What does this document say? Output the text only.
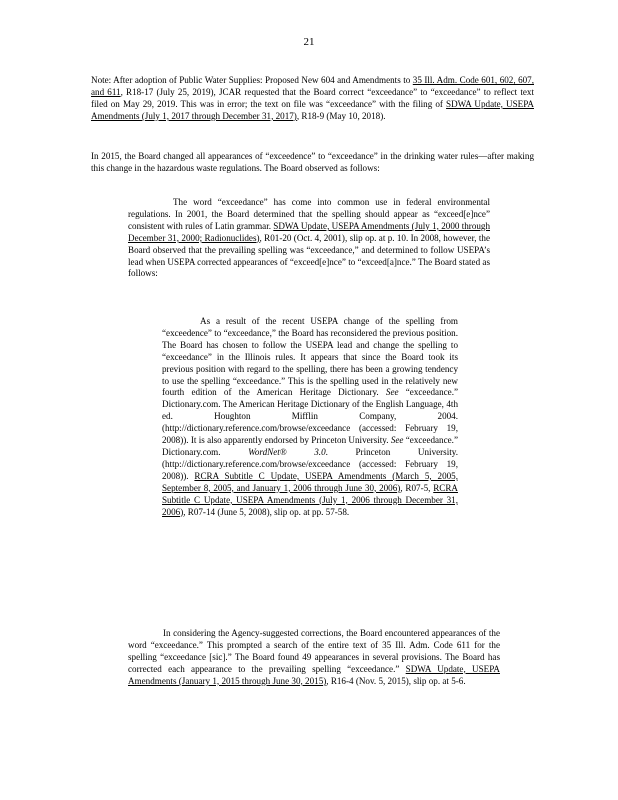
21
Note: After adoption of Public Water Supplies: Proposed New 604 and Amendments to 35 Ill. Adm. Code 601, 602, 607, and 611, R18-17 (July 25, 2019), JCAR requested that the Board correct “exceedance” to “exceedance” to reflect text filed on May 29, 2019. This was in error; the text on file was “exceedance” with the filing of SDWA Update, USEPA Amendments (July 1, 2017 through December 31, 2017), R18-9 (May 10, 2018).
In 2015, the Board changed all appearances of “exceedence” to “exceedance” in the drinking water rules—after making this change in the hazardous waste regulations. The Board observed as follows:

The word “exceedance” has come into common use in federal environmental regulations. In 2001, the Board determined that the spelling should appear as “exceed[e]nce” consistent with rules of Latin grammar. SDWA Update, USEPA Amendments (July 1, 2000 through December 31, 2000; Radionuclides), R01-20 (Oct. 4, 2001), slip op. at p. 10. In 2008, however, the Board observed that the prevailing spelling was “exceedance,” and determined to follow USEPA’s lead when USEPA corrected appearances of “exceed[e]nce” to “exceed[a]nce.” The Board stated as follows:

As a result of the recent USEPA change of the spelling from “exceedence” to “exceedance,” the Board has reconsidered the previous position. The Board has chosen to follow the USEPA lead and change the spelling to “exceedance” in the Illinois rules. It appears that since the Board took its previous position with regard to the spelling, there has been a growing tendency to use the spelling “exceedance.” This is the spelling used in the relatively new fourth edition of the American Heritage Dictionary. See “exceedance.” Dictionary.com. The American Heritage Dictionary of the English Language, 4th ed. Houghton Mifflin Company, 2004. (http://dictionary.reference.com/browse/exceedance (accessed: February 19, 2008)). It is also apparently endorsed by Princeton University. See “exceedance.” Dictionary.com. WordNet® 3.0. Princeton University. (http://dictionary.reference.com/browse/exceedance (accessed: February 19, 2008)). RCRA Subtitle C Update, USEPA Amendments (March 5, 2005, September 8, 2005, and January 1, 2006 through June 30, 2006), R07-5, RCRA Subtitle C Update, USEPA Amendments (July 1, 2006 through December 31, 2006), R07-14 (June 5, 2008), slip op. at pp. 57-58.

In considering the Agency-suggested corrections, the Board encountered appearances of the word “exceedance.” This prompted a search of the entire text of 35 Ill. Adm. Code 611 for the spelling “exceedance [sic].” The Board found 49 appearances in several provisions. The Board has corrected each appearance to the prevailing spelling “exceedance.” SDWA Update, USEPA Amendments (January 1, 2015 through June 30, 2015), R16-4 (Nov. 5, 2015), slip op. at 5-6.
